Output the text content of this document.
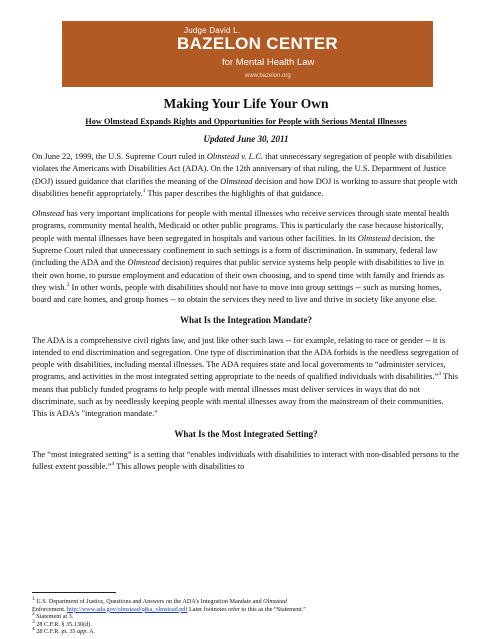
Judge David L.
BAZELON CENTER
for Mental Health Law
www.bazelon.org
Making Your Life Your Own
How Olmstead Expands Rights and Opportunities for People with Serious Mental Illnesses
Updated June 30, 2011

On June 22, 1999, the U.S. Supreme Court ruled in Olmstead v. L.C. that unnecessary segregation of people with disabilities violates the Americans with Disabilities Act (ADA). On the 12th anniversary of that ruling, the U.S. Department of Justice (DOJ) issued guidance that clarifies the meaning of the Olmstead decision and how DOJ is working to assure that people with disabilities benefit appropriately.$^1$ This paper describes the highlights of that guidance.

Olmstead has very important implications for people with mental illnesses who receive services through state mental health programs, community mental health, Medicaid or other public programs. This is particularly the case because historically, people with mental illnesses have been segregated in hospitals and various other facilities. In its Olmstead decision, the Supreme Court ruled that unnecessary confinement in such settings is a form of discrimination. In summary, federal law (including the ADA and the Olmstead decision) requires that public service systems help people with disabilities to live in their own home, to pursue employment and education of their own choosing, and to spend time with family and friends as they wish.$^2$ In other words, people with disabilities should not have to move into group settings -- such as nursing homes, board and care homes, and group homes -- to obtain the services they need to live and thrive in society like anyone else.

What Is the Integration Mandate?

The ADA is a comprehensive civil rights law, and just like other such laws -- for example, relating to race or gender -- it is intended to end discrimination and segregation. One type of discrimination that the ADA forbids is the needless segregation of people with disabilities, including mental illnesses. The ADA requires state and local governments to “administer services, programs, and activities in the most integrated setting appropriate to the needs of qualified individuals with disabilities.”$^3$ This means that publicly funded programs to help people with mental illnesses must deliver services in ways that do not discriminate, such as by needlessly keeping people with mental illnesses away from the mainstream of their communities. This is ADA's "integration mandate."

What Is the Most Integrated Setting?

The “most integrated setting” is a setting that “enables individuals with disabilities to interact with non-disabled persons to the fullest extent possible.”$^4$ This allows people with disabilities to

$^1$ U.S. Department of Justice, Questions and Answers on the ADA’s Integration Mandate and Olmstead
Enforcement. http://www.ada.gov/olmstead/q&a_olmstead.pdf Later footnotes refer to this as the “Statement.”
$^2$ Statement at 3.
$^3$ 28 C.F.R. § 35.130(d).
$^4$ 28 C.F.R. pt. 35 app. A.
